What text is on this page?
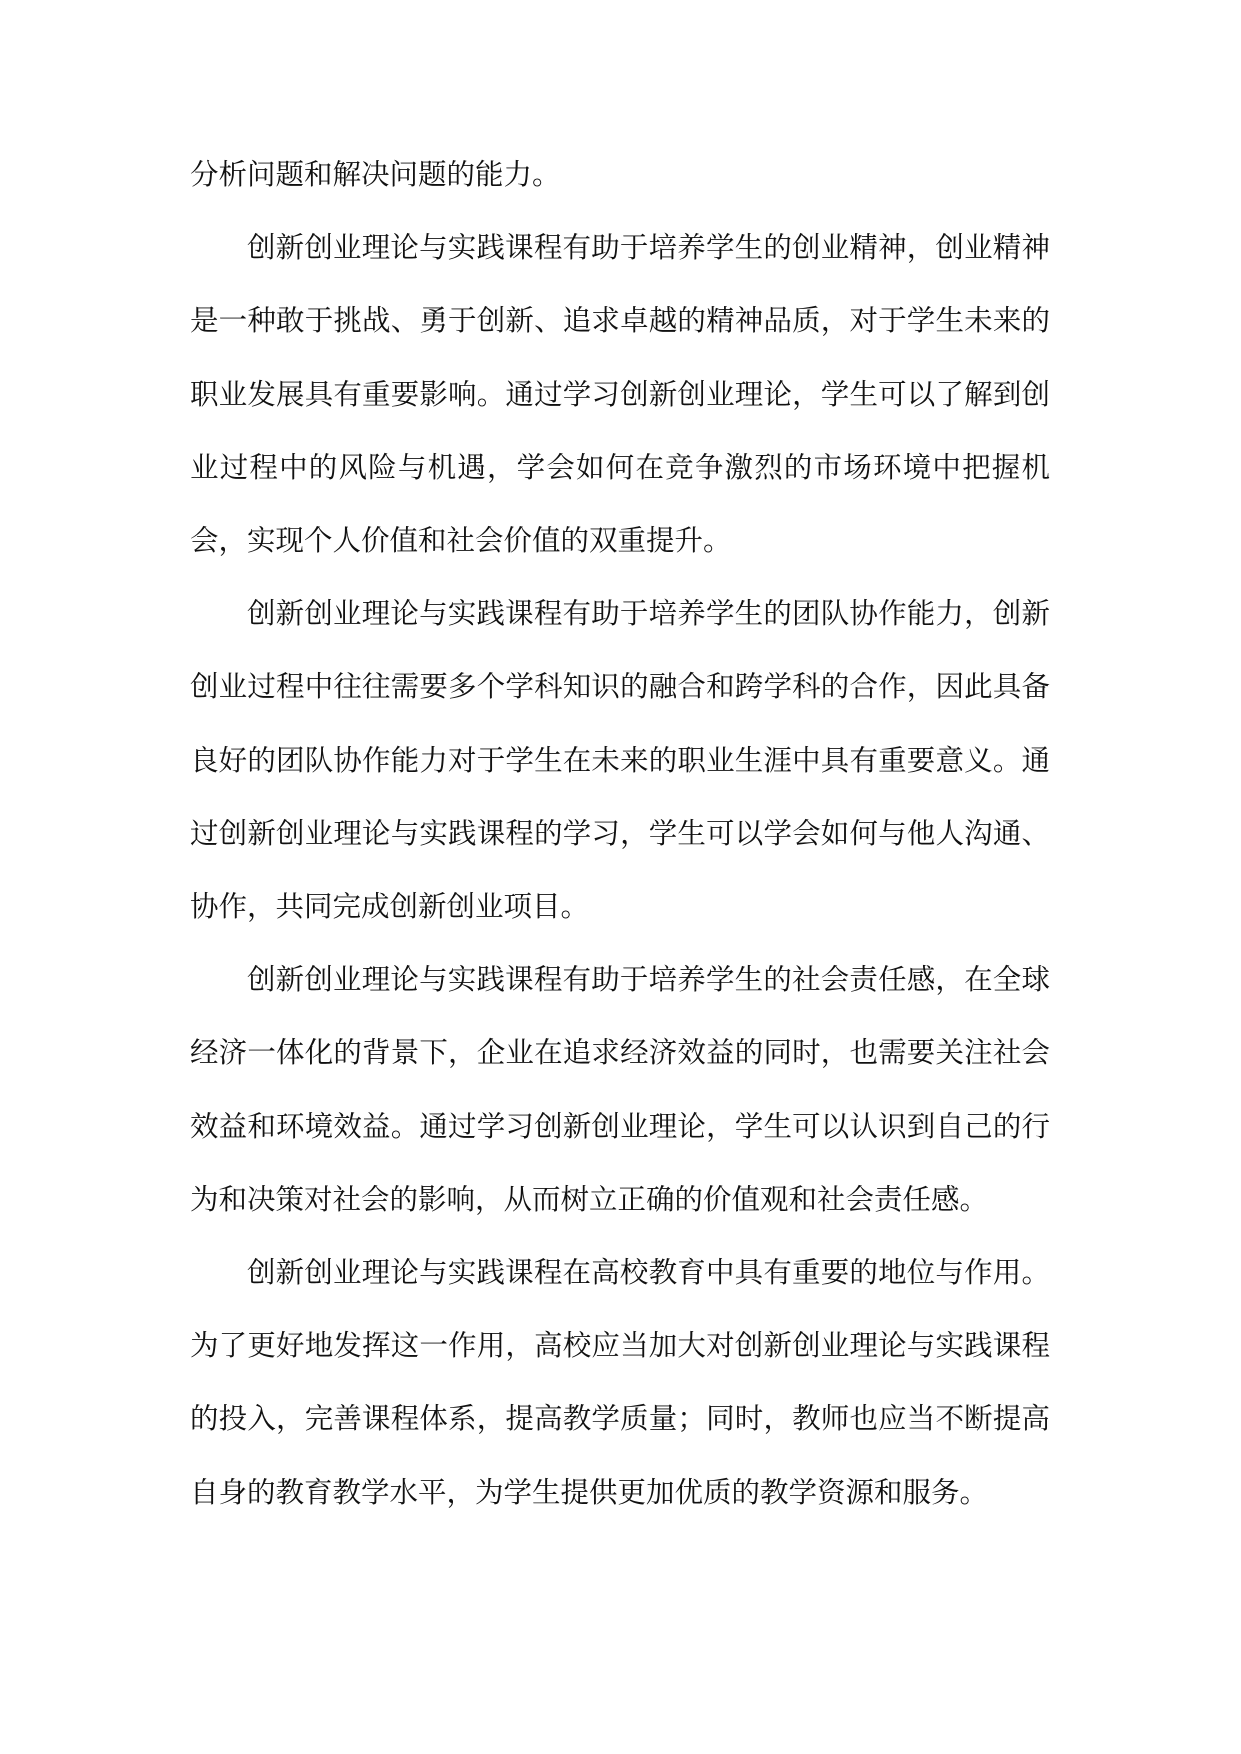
分析问题和解决问题的能力。

创新创业理论与实践课程有助于培养学生的创业精神，创业精神是一种敢于挑战、勇于创新、追求卓越的精神品质，对于学生未来的职业发展具有重要影响。通过学习创新创业理论，学生可以了解到创业过程中的风险与机遇，学会如何在竞争激烈的市场环境中把握机会，实现个人价值和社会价值的双重提升。

创新创业理论与实践课程有助于培养学生的团队协作能力，创新创业过程中往往需要多个学科知识的融合和跨学科的合作，因此具备良好的团队协作能力对于学生在未来的职业生涯中具有重要意义。通过创新创业理论与实践课程的学习，学生可以学会如何与他人沟通、协作，共同完成创新创业项目。

创新创业理论与实践课程有助于培养学生的社会责任感，在全球经济一体化的背景下，企业在追求经济效益的同时，也需要关注社会效益和环境效益。通过学习创新创业理论，学生可以认识到自己的行为和决策对社会的影响，从而树立正确的价值观和社会责任感。

创新创业理论与实践课程在高校教育中具有重要的地位与作用。为了更好地发挥这一作用，高校应当加大对创新创业理论与实践课程的投入，完善课程体系，提高教学质量；同时，教师也应当不断提高自身的教育教学水平，为学生提供更加优质的教学资源和服务。
